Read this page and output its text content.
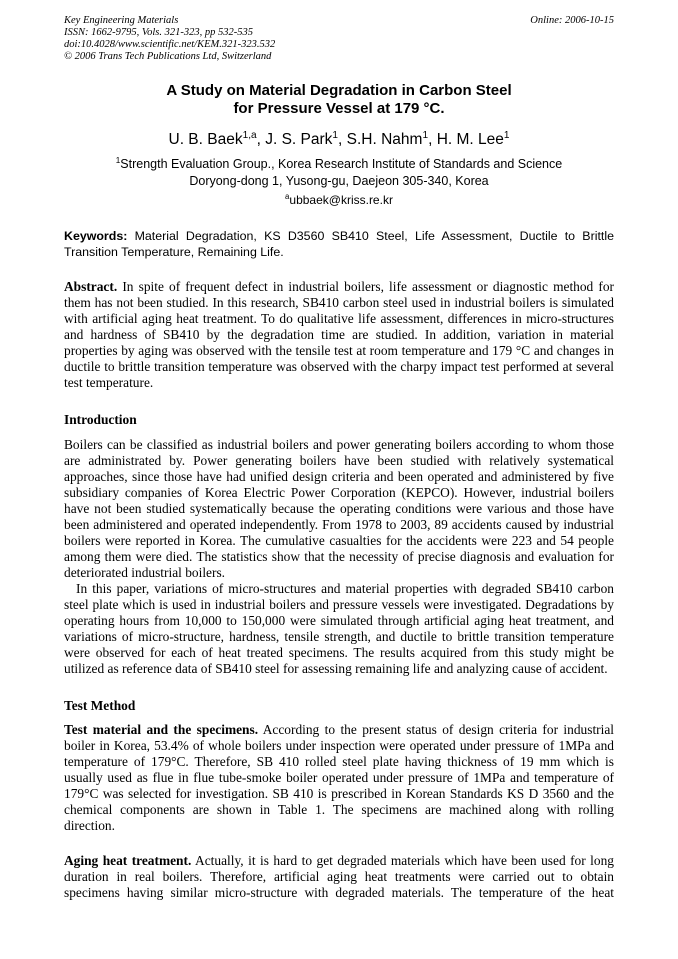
Key Engineering Materials
ISSN: 1662-9795, Vols. 321-323, pp 532-535
doi:10.4028/www.scientific.net/KEM.321-323.532
© 2006 Trans Tech Publications Ltd, Switzerland
Online: 2006-10-15
A Study on Material Degradation in Carbon Steel
for Pressure Vessel at 179 °C.
U. B. Baek$^{1,a}$, J. S. Park$^1$, S.H. Nahm$^1$, H. M. Lee$^1$
$^1$Strength Evaluation Group., Korea Research Institute of Standards and Science
Doryong-dong 1, Yusong-gu, Daejeon 305-340, Korea
$^a$ubbaek@kriss.re.kr
Keywords: Material Degradation, KS D3560 SB410 Steel, Life Assessment, Ductile to Brittle
Transition Temperature, Remaining Life.
Abstract. In spite of frequent defect in industrial boilers, life assessment or diagnostic method for
them has not been studied. In this research, SB410 carbon steel used in industrial boilers is simulated
with artificial aging heat treatment. To do qualitative life assessment, differences in micro-structures
and hardness of SB410 by the degradation time are studied. In addition, variation in material
properties by aging was observed with the tensile test at room temperature and 179 °C and changes in
ductile to brittle transition temperature was observed with the charpy impact test performed at several
test temperature.
Introduction
Boilers can be classified as industrial boilers and power generating boilers according to whom those
are administrated by. Power generating boilers have been studied with relatively systematical
approaches, since those have had unified design criteria and been operated and administered by five
subsidiary companies of Korea Electric Power Corporation (KEPCO). However, industrial boilers
have not been studied systematically because the operating conditions were various and those have
been administered and operated independently. From 1978 to 2003, 89 accidents caused by industrial
boilers were reported in Korea. The cumulative casualties for the accidents were 223 and 54 people
among them were died. The statistics show that the necessity of precise diagnosis and evaluation for
deteriorated industrial boilers.
In this paper, variations of micro-structures and material properties with degraded SB410 carbon
steel plate which is used in industrial boilers and pressure vessels were investigated. Degradations by
operating hours from 10,000 to 150,000 were simulated through artificial aging heat treatment, and
variations of micro-structure, hardness, tensile strength, and ductile to brittle transition temperature
were observed for each of heat treated specimens. The results acquired from this study might be
utilized as reference data of SB410 steel for assessing remaining life and analyzing cause of accident.
Test Method
Test material and the specimens. According to the present status of design criteria for industrial
boiler in Korea, 53.4% of whole boilers under inspection were operated under pressure of 1MPa and
temperature of 179°C. Therefore, SB 410 rolled steel plate having thickness of 19 mm which is
usually used as flue in flue tube-smoke boiler operated under pressure of 1MPa and temperature of
179°C was selected for investigation. SB 410 is prescribed in Korean Standards KS D 3560 and the
chemical components are shown in Table 1. The specimens are machined along with rolling
direction.
Aging heat treatment. Actually, it is hard to get degraded materials which have been used for long
duration in real boilers. Therefore, artificial aging heat treatments were carried out to obtain
specimens having similar micro-structure with degraded materials. The temperature of the heat
